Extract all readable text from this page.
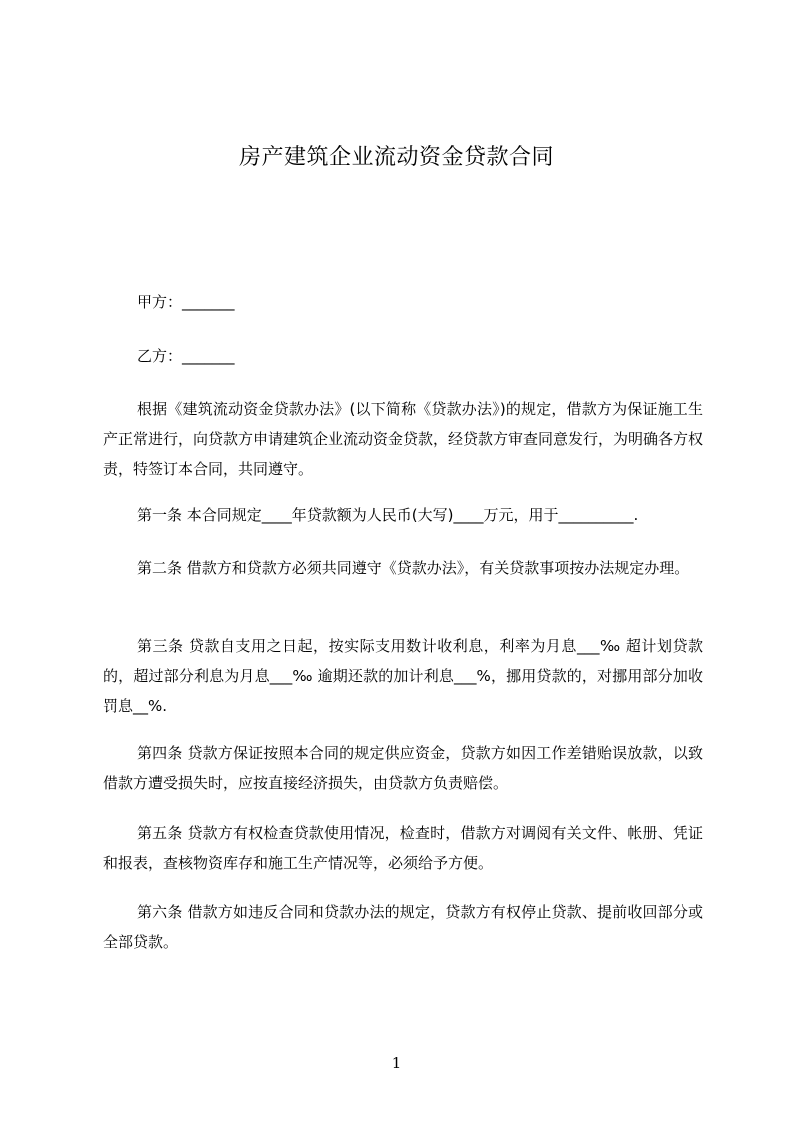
房产建筑企业流动资金贷款合同
甲方：_______
乙方：_______

根据《建筑流动资金贷款办法》(以下简称《贷款办法》)的规定，借款方为保证施工生产正常进行，向贷款方申请建筑企业流动资金贷款，经贷款方审查同意发行，为明确各方权责，特签订本合同，共同遵守。

第一条 本合同规定____年贷款额为人民币(大写)____万元，用于__________.

第二条 借款方和贷款方必须共同遵守《贷款办法》，有关贷款事项按办法规定办理。

第三条 贷款自支用之日起，按实际支用数计收利息，利率为月息___‰ 超计划贷款的，超过部分利息为月息___‰ 逾期还款的加计利息___%，挪用贷款的，对挪用部分加收罚息__%.

第四条 贷款方保证按照本合同的规定供应资金，贷款方如因工作差错贻误放款，以致借款方遭受损失时，应按直接经济损失，由贷款方负责赔偿。

第五条 贷款方有权检查贷款使用情况，检查时，借款方对调阅有关文件、帐册、凭证和报表，查核物资库存和施工生产情况等，必须给予方便。

第六条 借款方如违反合同和贷款办法的规定，贷款方有权停止贷款、提前收回部分或全部贷款。

1
